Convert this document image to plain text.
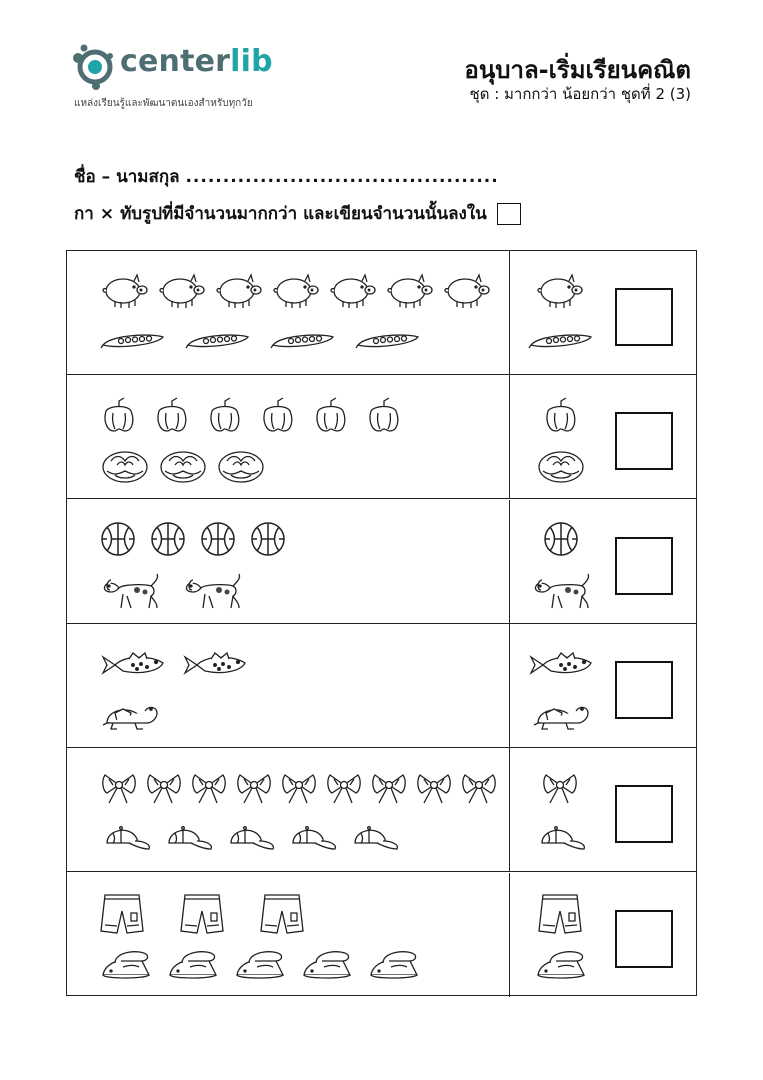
centerlib
แหล่งเรียนรู้และพัฒนาตนเองสำหรับทุกวัย
อนุบาล-เริ่มเรียนคณิต
ชุด : มากกว่า น้อยกว่า ชุดที่ 2 (3)
ชื่อ – นามสกุล ..........................................
กา × ทับรูปที่มีจำนวนมากกว่า และเขียนจำนวนนั้นลงใน
